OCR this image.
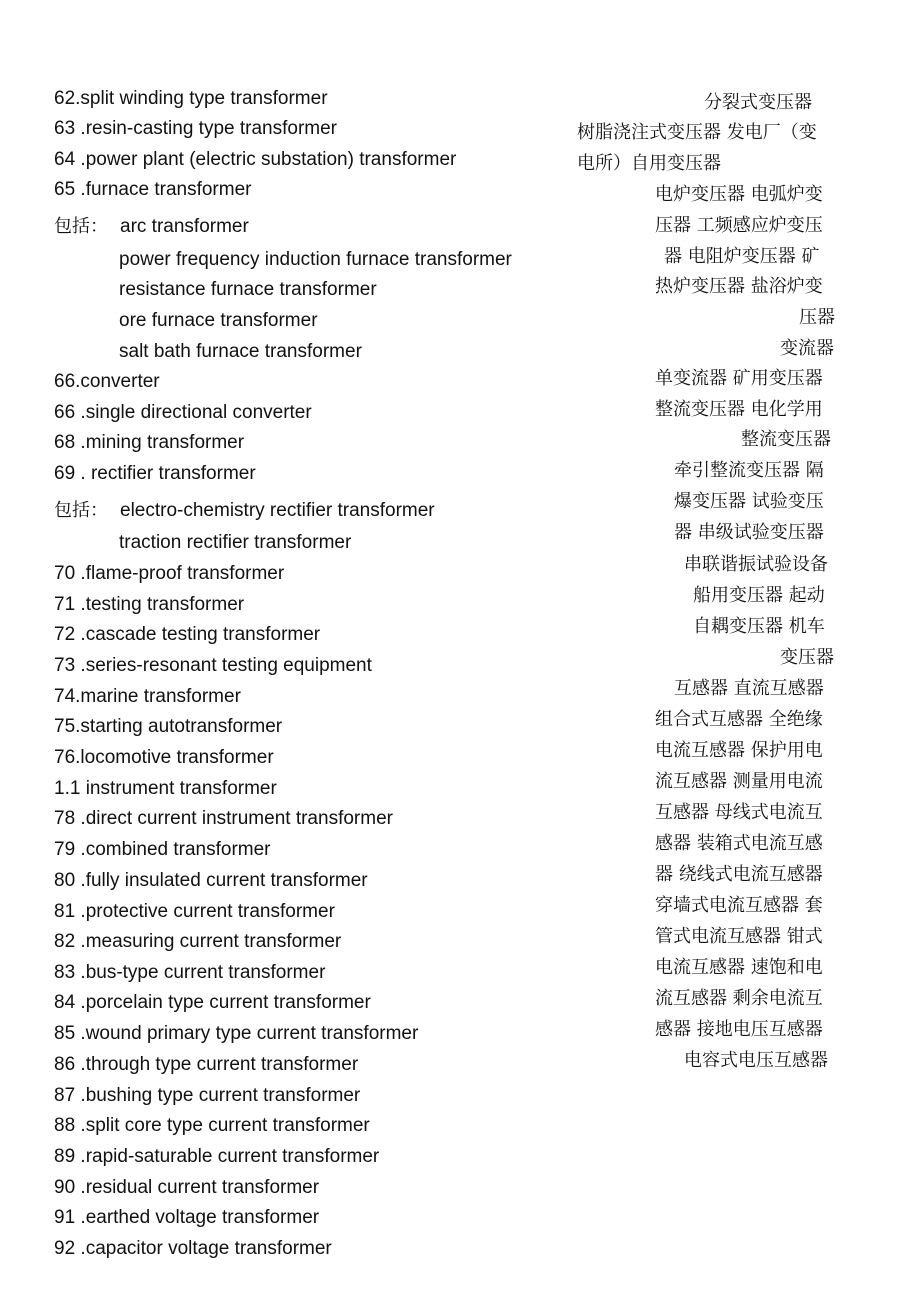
62.split winding type transformer
63 .resin-casting type transformer
64 .power plant (electric substation) transformer
65 .furnace transformer
包括： arc transformer
power frequency induction furnace transformer
resistance furnace transformer
ore furnace transformer
salt bath furnace transformer
66.converter
66 .single directional converter
68 .mining transformer
69 . rectifier transformer
包括： electro-chemistry rectifier transformer
traction rectifier transformer
70 .flame-proof transformer
71 .testing transformer
72 .cascade testing transformer
73 .series-resonant testing equipment
74.marine transformer
75.starting autotransformer
76.locomotive transformer
1.1 instrument transformer
78 .direct current instrument transformer
79 .combined transformer
80 .fully insulated current transformer
81 .protective current transformer
82 .measuring current transformer
83 .bus-type current transformer
84 .porcelain type current transformer
85 .wound primary type current transformer
86 .through type current transformer
87 .bushing type current transformer
88 .split core type current transformer
89 .rapid-saturable current transformer
90 .residual current transformer
91 .earthed voltage transformer
92 .capacitor voltage transformer
分裂式变压器
树脂浇注式变压器 发电厂（变
电所）自用变压器
电炉变压器 电弧炉变
压器 工频感应炉变压
器 电阻炉变压器 矿
热炉变压器 盐浴炉变
压器
变流器
单变流器 矿用变压器
整流变压器 电化学用
整流变压器
牵引整流变压器 隔
爆变压器 试验变压
器 串级试验变压器
串联谐振试验设备
船用变压器 起动
自耦变压器 机车
变压器
互感器 直流互感器
组合式互感器 全绝缘
电流互感器 保护用电
流互感器 测量用电流
互感器 母线式电流互
感器 装箱式电流互感
器 绕线式电流互感器
穿墙式电流互感器 套
管式电流互感器 钳式
电流互感器 速饱和电
流互感器 剩余电流互
感器 接地电压互感器
电容式电压互感器
